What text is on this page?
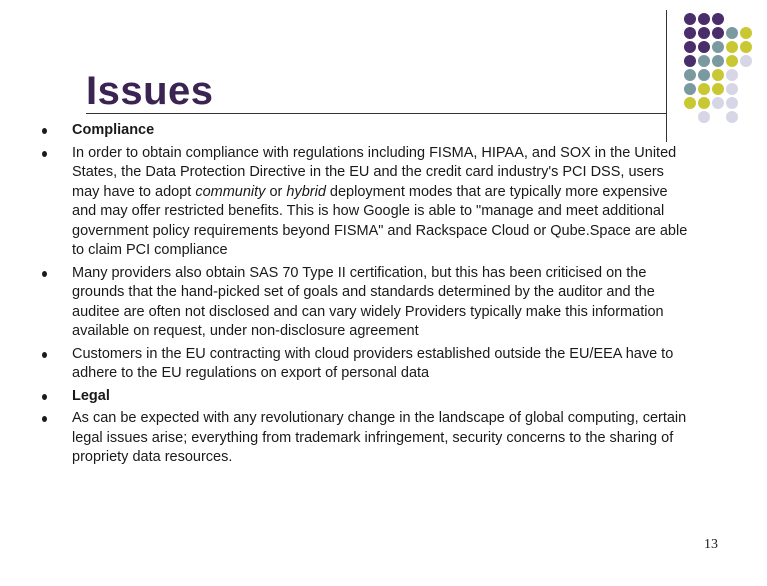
Issues

Compliance

In order to obtain compliance with regulations including FISMA, HIPAA, and SOX in the United States, the Data Protection Directive in the EU and the credit card industry's PCI DSS, users may have to adopt community or hybrid deployment modes that are typically more expensive and may offer restricted benefits. This is how Google is able to "manage and meet additional government policy requirements beyond FISMA" and Rackspace Cloud or Qube.Space are able to claim PCI compliance

Many providers also obtain SAS 70 Type II certification, but this has been criticised on the grounds that the hand-picked set of goals and standards determined by the auditor and the auditee are often not disclosed and can vary widely Providers typically make this information available on request, under non-disclosure agreement

Customers in the EU contracting with cloud providers established outside the EU/EEA have to adhere to the EU regulations on export of personal data

Legal

As can be expected with any revolutionary change in the landscape of global computing, certain legal issues arise; everything from trademark infringement, security concerns to the sharing of propriety data resources.

13
